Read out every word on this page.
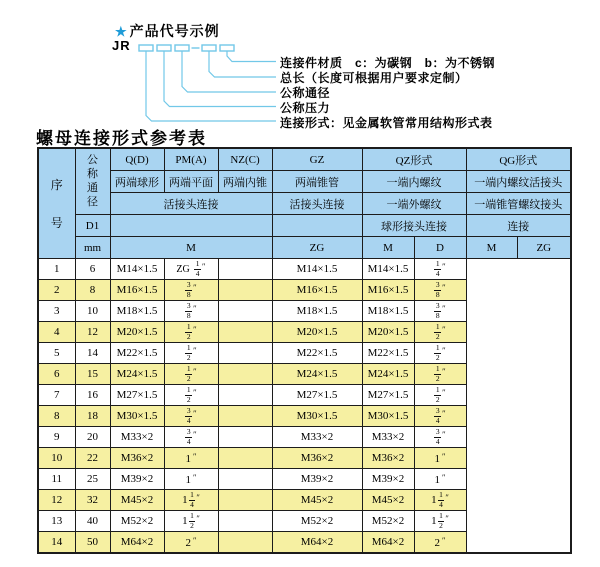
★ 产品代号示例
JR
连接件材质　c：为碳钢　b：为不锈钢
总长（长度可根据用户要求定制）
公称通径
公称压力
连接形式：见金属软管常用结构形式表
螺母连接形式参考表
序
号	公
称
通
径	Q(D)	PM(A)	NZ(C)	GZ	QZ形式		QG形式	
		两端球形	两端平面	两端内锥	两端锥管	一端内螺纹		一端内螺纹活接头	
		活接头连接			活接头连接	一端外螺纹		一端锥管螺纹接头	
	D1					球形接头连接		连接	
	mm	M			ZG	M	D	M	ZG
1	6	M14×1.5	ZG $\frac{1}{4} ''$		M14×1.5	M14×1.5	$\frac{1}{4} ''$
2	8	M16×1.5	$\frac{3}{8} ''$		M16×1.5	M16×1.5	$\frac{3}{8} ''$
3	10	M18×1.5	$\frac{3}{8} ''$		M18×1.5	M18×1.5	$\frac{3}{8} ''$
4	12	M20×1.5	$\frac{1}{2} ''$		M20×1.5	M20×1.5	$\frac{1}{2} ''$
5	14	M22×1.5	$\frac{1}{2} ''$		M22×1.5	M22×1.5	$\frac{1}{2} ''$
6	15	M24×1.5	$\frac{1}{2} ''$		M24×1.5	M24×1.5	$\frac{1}{2} ''$
7	16	M27×1.5	$\frac{1}{2} ''$		M27×1.5	M27×1.5	$\frac{1}{2} ''$
8	18	M30×1.5	$\frac{3}{4} ''$		M30×1.5	M30×1.5	$\frac{3}{4} ''$
9	20	M33×2	$\frac{3}{4} ''$		M33×2	M33×2	$\frac{3}{4} ''$
10	22	M36×2	1 ″		M36×2	M36×2	1 ″
11	25	M39×2	1 ″		M39×2	M39×2	1 ″
12	32	M45×2	$1 \frac{1}{4} ''$		M45×2	M45×2	$1 \frac{1}{4} ''$
13	40	M52×2	$1 \frac{1}{2} ''$		M52×2	M52×2	$1 \frac{1}{2} ''$
14	50	M64×2	2 ″		M64×2	M64×2	2 ″
